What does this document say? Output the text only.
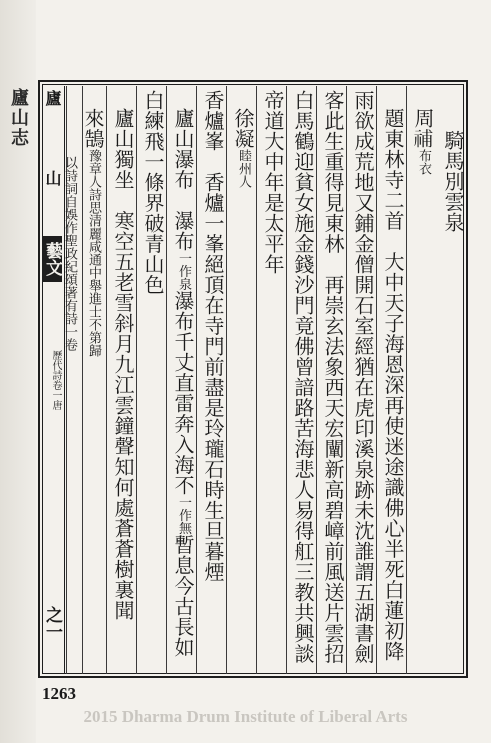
廬山志 廬
山
藝文
歷代詩卷一唐
之一
騎馬別雲泉
周𥙷布衣
題東林寺二首　大中天子海恩深再使迷途識佛心半死白蓮初降
雨欲成荒地又鋪金僧開石室經猶在虎印溪泉跡未沈誰謂五湖書劍
客此生重得見東林　再崇玄法象西天宏闡新高碧嶂前風送片雲招
白馬鶴迎貧女施金錢沙門竟佛曾諳路苦海悲人易得舡三教共興談
帝道大中年是太平年
徐凝睦州人
香爐峯　香爐一峯絕頂在寺門前盡是玲瓏石時生旦暮煙
廬山瀑布　瀑布一作泉瀑布千丈直雷奔入海不一作無暫息今古長如
白練飛一條界破青山色
廬山獨坐　寒空五老雪斜月九江雲鐘聲知何處蒼蒼樹裏聞
來鵠豫章人詩思清麗咸通中舉進士不第歸
以詩詞自娛作聖政紀頌著有詩一卷
1263
2015 Dharma Drum Institute of Liberal Arts
